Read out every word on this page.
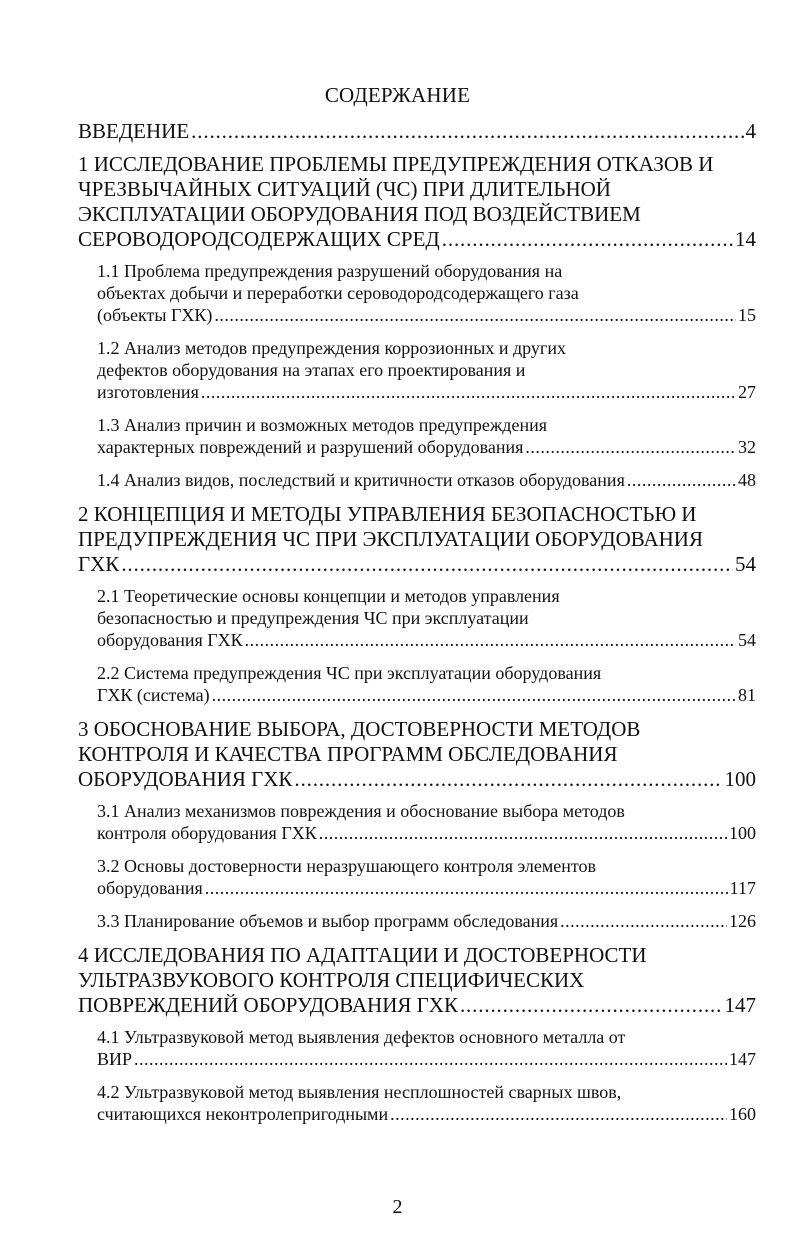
СОДЕРЖАНИЕ
ВВЕДЕНИЕ . . .	4
1 ИССЛЕДОВАНИЕ ПРОБЛЕМЫ ПРЕДУПРЕЖДЕНИЯ ОТКАЗОВ И
ЧРЕЗВЫЧАЙНЫХ СИТУАЦИЙ (ЧС) ПРИ ДЛИТЕЛЬНОЙ
ЭКСПЛУАТАЦИИ ОБОРУДОВАНИЯ ПОД ВОЗДЕЙСТВИЕМ
СЕРОВОДОРОДСОДЕРЖАЩИХ СРЕД . . .	14
1.1 Проблема предупреждения разрушений оборудования на
объектах добычи и переработки сероводородсодержащего газа
(объекты ГХК) . . .	15
1.2 Анализ методов предупреждения коррозионных и других
дефектов оборудования на этапах его проектирования и
изготовления . . .	27
1.3 Анализ причин и возможных методов предупреждения
характерных повреждений и разрушений оборудования . . .	32
1.4 Анализ видов, последствий и критичности отказов оборудования . . .	48
2 КОНЦЕПЦИЯ И МЕТОДЫ УПРАВЛЕНИЯ БЕЗОПАСНОСТЬЮ И
ПРЕДУПРЕЖДЕНИЯ ЧС ПРИ ЭКСПЛУАТАЦИИ ОБОРУДОВАНИЯ
ГХК . . .	54
2.1 Теоретические основы концепции и методов управления
безопасностью и предупреждения ЧС при эксплуатации
оборудования ГХК . . .	54
2.2 Система предупреждения ЧС при эксплуатации оборудования
ГХК (система) . . .	81
3 ОБОСНОВАНИЕ ВЫБОРА, ДОСТОВЕРНОСТИ МЕТОДОВ
КОНТРОЛЯ И КАЧЕСТВА ПРОГРАММ ОБСЛЕДОВАНИЯ
ОБОРУДОВАНИЯ ГХК . . .	100
3.1 Анализ механизмов повреждения и обоснование выбора методов
контроля оборудования ГХК . . .	100
3.2 Основы достоверности неразрушающего контроля элементов
оборудования . . .	117
3.3 Планирование объемов и выбор программ обследования . . .	126
4 ИССЛЕДОВАНИЯ ПО АДАПТАЦИИ И ДОСТОВЕРНОСТИ
УЛЬТРАЗВУКОВОГО КОНТРОЛЯ СПЕЦИФИЧЕСКИХ
ПОВРЕЖДЕНИЙ ОБОРУДОВАНИЯ ГХК . . .	147
4.1 Ультразвуковой метод выявления дефектов основного металла от
ВИР . . .	147
4.2 Ультразвуковой метод выявления несплошностей сварных швов,
считающихся неконтролепригодными . . .	160
2
